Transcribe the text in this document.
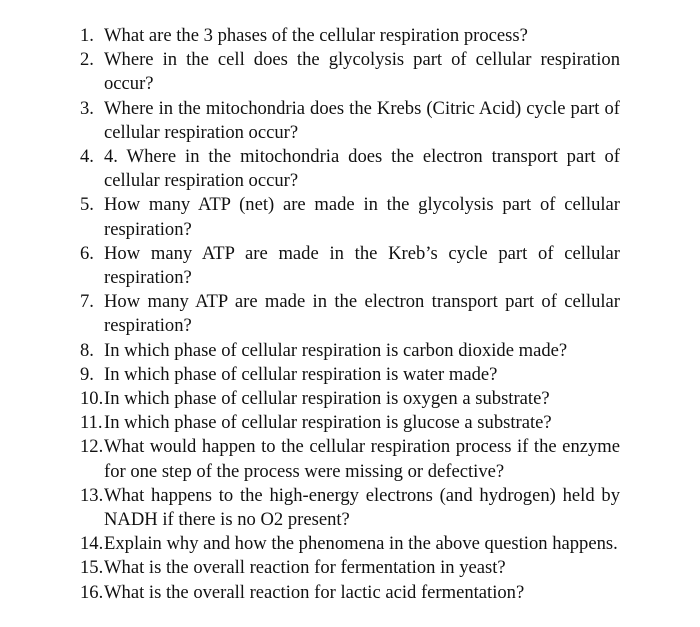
1. What are the 3 phases of the cellular respiration process?
2. Where in the cell does the glycolysis part of cellular respiration occur?
3. Where in the mitochondria does the Krebs (Citric Acid) cycle part of cellular respiration occur?
4. 4. Where in the mitochondria does the electron transport part of cellular respiration occur?
5. How many ATP (net) are made in the glycolysis part of cellular respiration?
6. How many ATP are made in the Kreb’s cycle part of cellular respiration?
7. How many ATP are made in the electron transport part of cellular respiration?
8. In which phase of cellular respiration is carbon dioxide made?
9. In which phase of cellular respiration is water made?
10. In which phase of cellular respiration is oxygen a substrate?
11. In which phase of cellular respiration is glucose a substrate?
12. What would happen to the cellular respiration process if the enzyme for one step of the process were missing or defective?
13. What happens to the high-energy electrons (and hydrogen) held by NADH if there is no O2 present?
14. Explain why and how the phenomena in the above question happens.
15. What is the overall reaction for fermentation in yeast?
16. What is the overall reaction for lactic acid fermentation?
